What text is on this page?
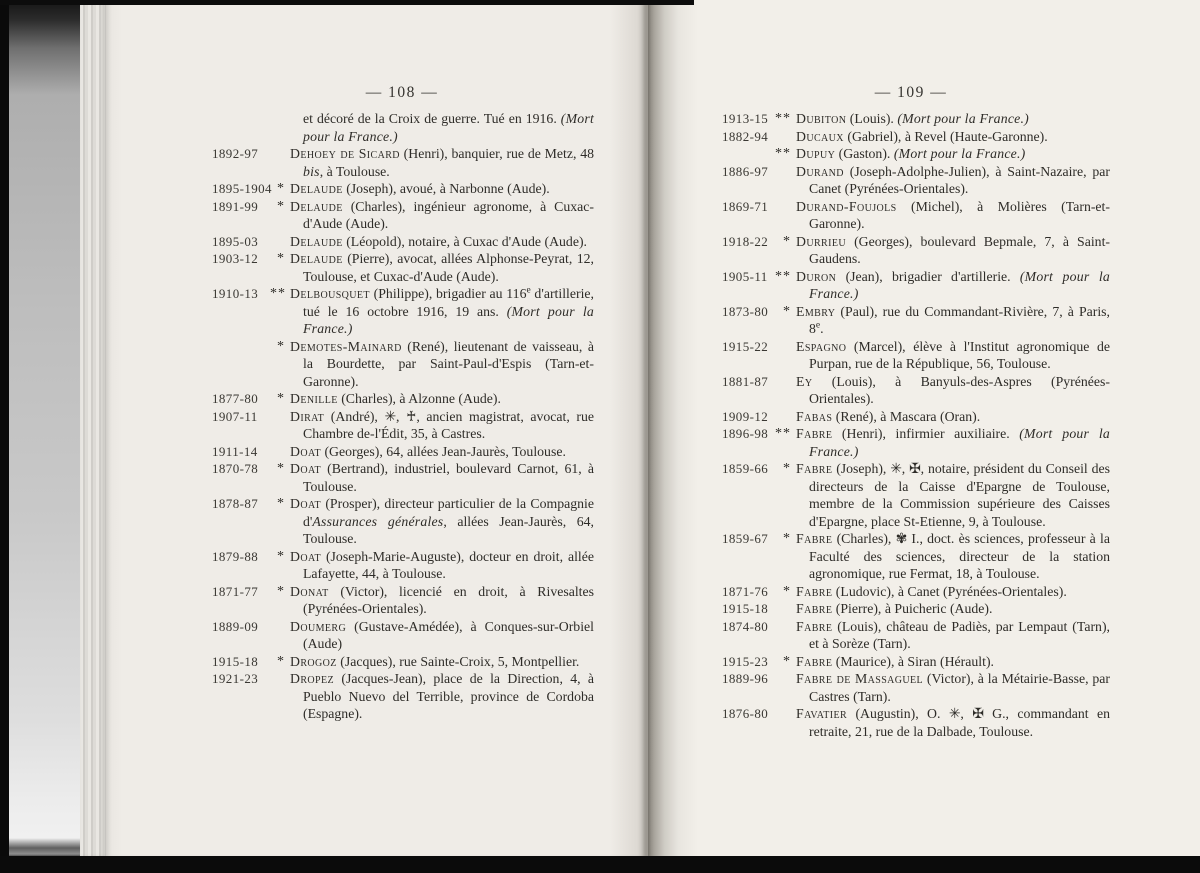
— 108 —
et décoré de la Croix de guerre. Tué en 1916. (Mort pour la France.)
1892-97	Dehoey de Sicard (Henri), banquier, rue de Metz, 48 bis, à Toulouse.
1895-1904 * Delaude (Joseph), avoué, à Narbonne (Aude).
1891-99	* Delaude (Charles), ingénieur agronome, à Cuxac-d'Aude (Aude).
1895-03	Delaude (Léopold), notaire, à Cuxac d'Aude (Aude).
1903-12	* Delaude (Pierre), avocat, allées Alphonse-Peyrat, 12, Toulouse, et Cuxac-d'Aude (Aude).
1910-13 ** Delbousquet (Philippe), brigadier au 116e d'artillerie, tué le 16 octobre 1916, 19 ans. (Mort pour la France.)
* Demotes-Mainard (René), lieutenant de vaisseau, à la Bourdette, par Saint-Paul-d'Espis (Tarn-et-Garonne).
1877-80	* Denille (Charles), à Alzonne (Aude).
1907-11	Dirat (André), ✳, ♰, ancien magistrat, avocat, rue Chambre de-l'Édit, 35, à Castres.
1911-14	Doat (Georges), 64, allées Jean-Jaurès, Toulouse.
1870-78	* Doat (Bertrand), industriel, boulevard Carnot, 61, à Toulouse.
1878-87	* Doat (Prosper), directeur particulier de la Compagnie d'Assurances générales, allées Jean-Jaurès, 64, Toulouse.
1879-88	* Doat (Joseph-Marie-Auguste), docteur en droit, allée Lafayette, 44, à Toulouse.
1871-77	* Donat (Victor), licencié en droit, à Rivesaltes (Pyrénées-Orientales).
1889-09	Doumerg (Gustave-Amédée), à Conques-sur-Orbiel (Aude)
1915-18	* Drogoz (Jacques), rue Sainte-Croix, 5, Montpellier.
1921-23	Dropez (Jacques-Jean), place de la Direction, 4, à Pueblo Nuevo del Terrible, province de Cordoba (Espagne).
— 109 —
1913-15 ** Dubiton (Louis). (Mort pour la France.)
1882-94 Ducaux (Gabriel), à Revel (Haute-Garonne).
** Dupuy (Gaston). (Mort pour la France.)
1886-97 Durand (Joseph-Adolphe-Julien), à Saint-Nazaire, par Canet (Pyrénées-Orientales).
1869-71 Durand-Foujols (Michel), à Molières (Tarn-et-Garonne).
1918-22	* Durrieu (Georges), boulevard Bepmale, 7, à Saint-Gaudens.
1905-11 ** Duron (Jean), brigadier d'artillerie. (Mort pour la France.)
1873-80	* Embry (Paul), rue du Commandant-Rivière, 7, à Paris, 8e.
1915-22 Espagno (Marcel), élève à l'Institut agronomique de Purpan, rue de la République, 56, Toulouse.
1881-87 Ey (Louis), à Banyuls-des-Aspres (Pyrénées-Orientales).
1909-12 Fabas (René), à Mascara (Oran).
1896-98 ** Fabre (Henri), infirmier auxiliaire. (Mort pour la France.)
1859-66	* Fabre (Joseph), ✳, ✠, notaire, président du Conseil des directeurs de la Caisse d'Epargne de Toulouse, membre de la Commission supérieure des Caisses d'Epargne, place St-Etienne, 9, à Toulouse.
1859-67	* Fabre (Charles), ✾ I., doct. ès sciences, professeur à la Faculté des sciences, directeur de la station agronomique, rue Fermat, 18, à Toulouse.
1871-76	* Fabre (Ludovic), à Canet (Pyrénées-Orientales).
1915-18 Fabre (Pierre), à Puicheric (Aude).
1874-80 Fabre (Louis), château de Padiès, par Lempaut (Tarn), et à Sorèze (Tarn).
1915-23	* Fabre (Maurice), à Siran (Hérault).
1889-96 Fabre de Massaguel (Victor), à la Métairie-Basse, par Castres (Tarn).
1876-80 Favatier (Augustin), O. ✳, ✠ G., commandant en retraite, 21, rue de la Dalbade, Toulouse.
